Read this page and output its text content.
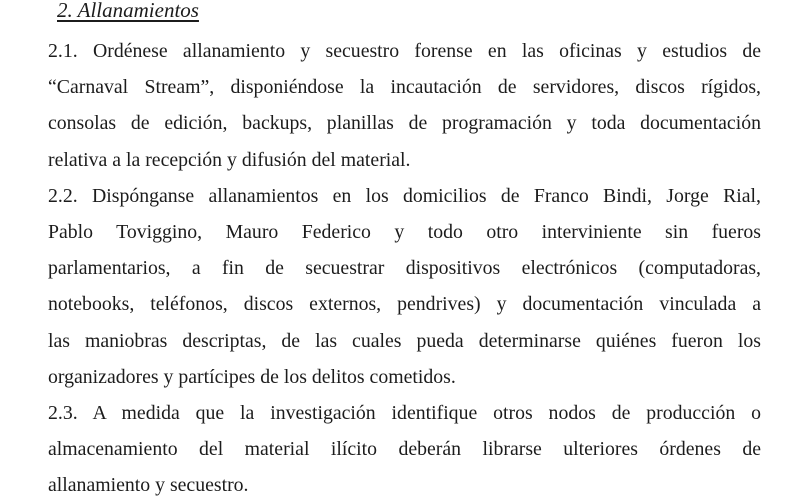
2. Allanamientos

2.1. Ordénese allanamiento y secuestro forense en las oficinas y estudios de
“Carnaval Stream”, disponiéndose la incautación de servidores, discos rígidos,
consolas de edición, backups, planillas de programación y toda documentación
relativa a la recepción y difusión del material.

2.2. Dispónganse allanamientos en los domicilios de Franco Bindi, Jorge Rial,
Pablo Toviggino, Mauro Federico y todo otro interviniente sin fueros
parlamentarios, a fin de secuestrar dispositivos electrónicos (computadoras,
notebooks, teléfonos, discos externos, pendrives) y documentación vinculada a
las maniobras descriptas, de las cuales pueda determinarse quiénes fueron los
organizadores y partícipes de los delitos cometidos.

2.3. A medida que la investigación identifique otros nodos de producción o
almacenamiento del material ilícito deberán librarse ulteriores órdenes de
allanamiento y secuestro.
